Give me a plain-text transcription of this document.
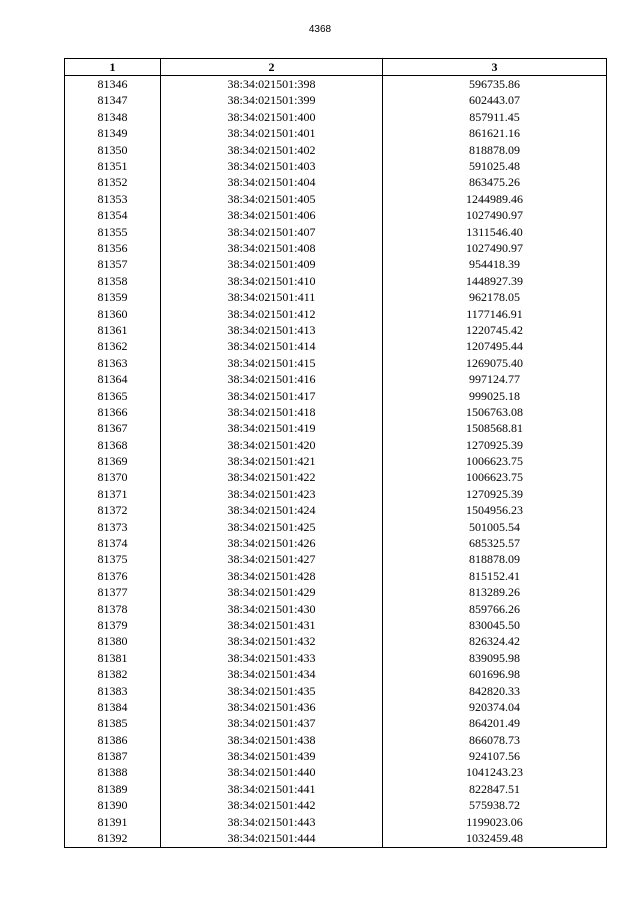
4368
1	2	3
81346	38:34:021501:398	596735.86
81347	38:34:021501:399	602443.07
81348	38:34:021501:400	857911.45
81349	38:34:021501:401	861621.16
81350	38:34:021501:402	818878.09
81351	38:34:021501:403	591025.48
81352	38:34:021501:404	863475.26
81353	38:34:021501:405	1244989.46
81354	38:34:021501:406	1027490.97
81355	38:34:021501:407	1311546.40
81356	38:34:021501:408	1027490.97
81357	38:34:021501:409	954418.39
81358	38:34:021501:410	1448927.39
81359	38:34:021501:411	962178.05
81360	38:34:021501:412	1177146.91
81361	38:34:021501:413	1220745.42
81362	38:34:021501:414	1207495.44
81363	38:34:021501:415	1269075.40
81364	38:34:021501:416	997124.77
81365	38:34:021501:417	999025.18
81366	38:34:021501:418	1506763.08
81367	38:34:021501:419	1508568.81
81368	38:34:021501:420	1270925.39
81369	38:34:021501:421	1006623.75
81370	38:34:021501:422	1006623.75
81371	38:34:021501:423	1270925.39
81372	38:34:021501:424	1504956.23
81373	38:34:021501:425	501005.54
81374	38:34:021501:426	685325.57
81375	38:34:021501:427	818878.09
81376	38:34:021501:428	815152.41
81377	38:34:021501:429	813289.26
81378	38:34:021501:430	859766.26
81379	38:34:021501:431	830045.50
81380	38:34:021501:432	826324.42
81381	38:34:021501:433	839095.98
81382	38:34:021501:434	601696.98
81383	38:34:021501:435	842820.33
81384	38:34:021501:436	920374.04
81385	38:34:021501:437	864201.49
81386	38:34:021501:438	866078.73
81387	38:34:021501:439	924107.56
81388	38:34:021501:440	1041243.23
81389	38:34:021501:441	822847.51
81390	38:34:021501:442	575938.72
81391	38:34:021501:443	1199023.06
81392	38:34:021501:444	1032459.48
